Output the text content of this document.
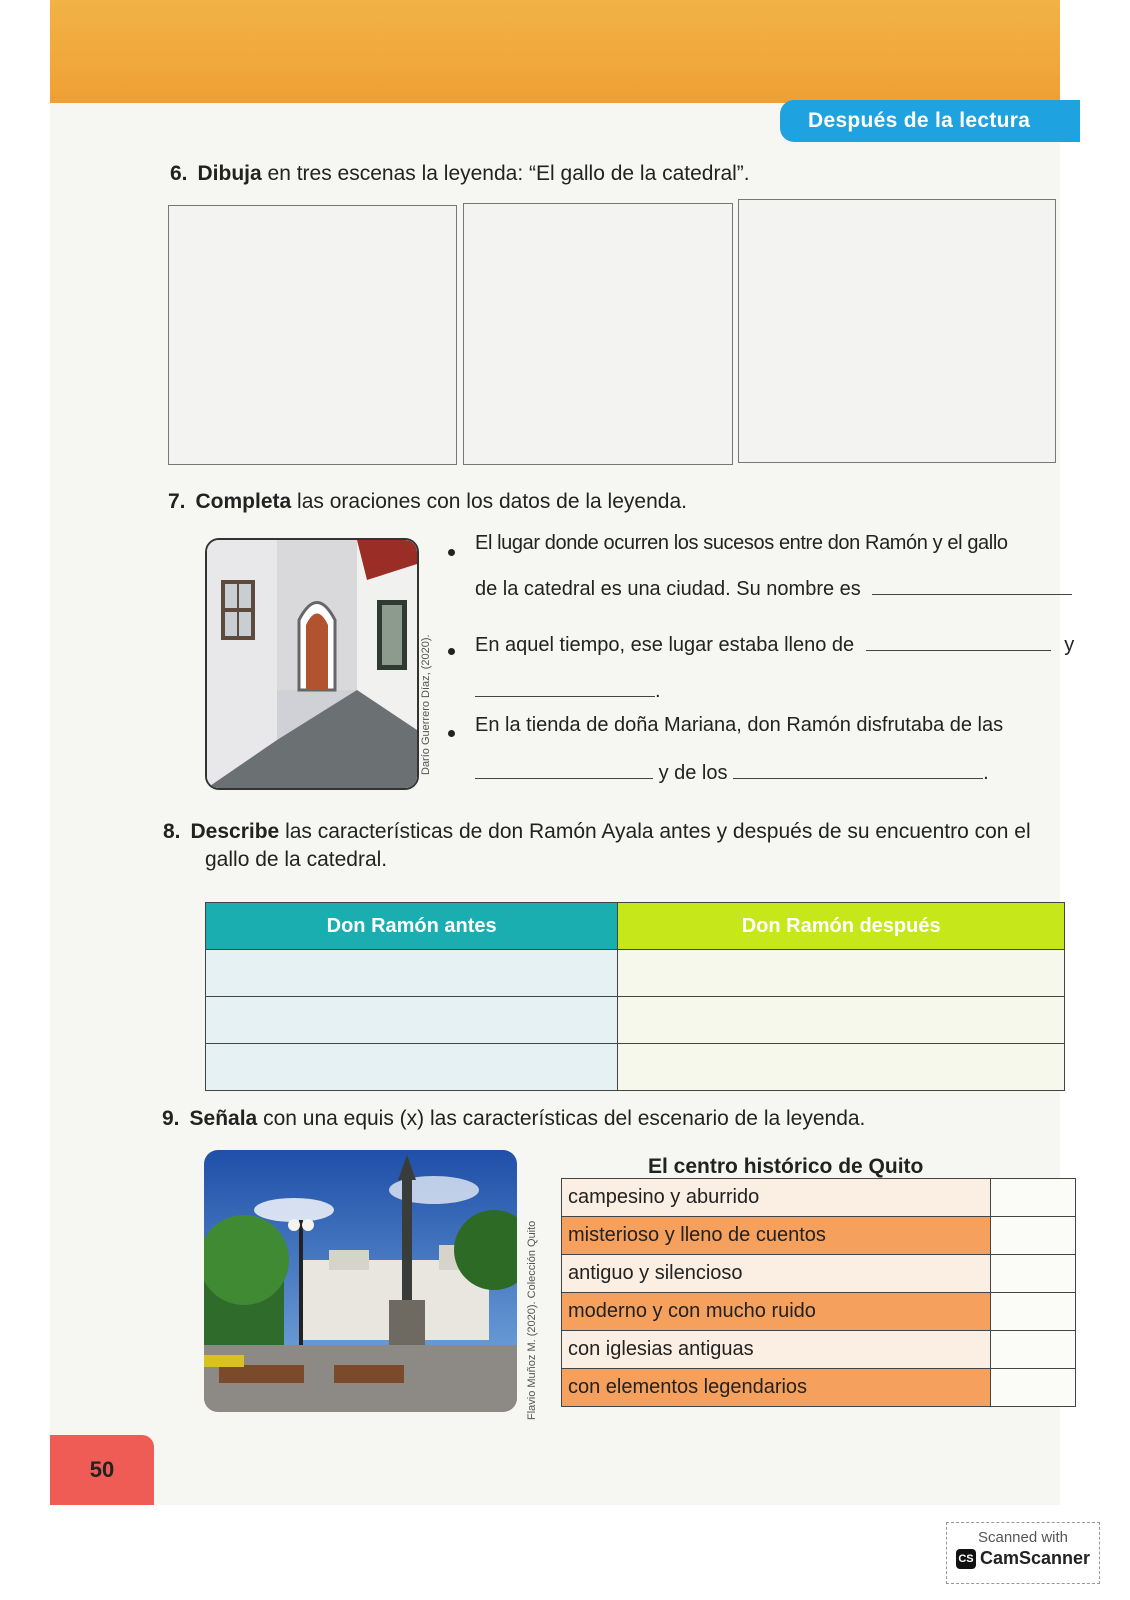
Después de la lectura
6. Dibuja en tres escenas la leyenda: “El gallo de la catedral”.
7. Completa las oraciones con los datos de la leyenda.
Darío Guerrero Díaz, (2020).
El lugar donde ocurren los sucesos entre don Ramón y el gallo
de la catedral es una ciudad. Su nombre es
En aquel tiempo, ese lugar estaba lleno de	y
.
En la tienda de doña Mariana, don Ramón disfrutaba de las
y de los	.
8. Describe las características de don Ramón Ayala antes y después de su encuentro con el
gallo de la catedral.
Don Ramón antes	Don Ramón después

9. Señala con una equis (x) las características del escenario de la leyenda.
Flavio Muñoz M. (2020). Colección Quito
El centro histórico de Quito
campesino y aburrido	
misterioso y lleno de cuentos	
antiguo y silencioso	
moderno y con mucho ruido	
con iglesias antiguas	
con elementos legendarios	
50
Scanned with
CS CamScanner
